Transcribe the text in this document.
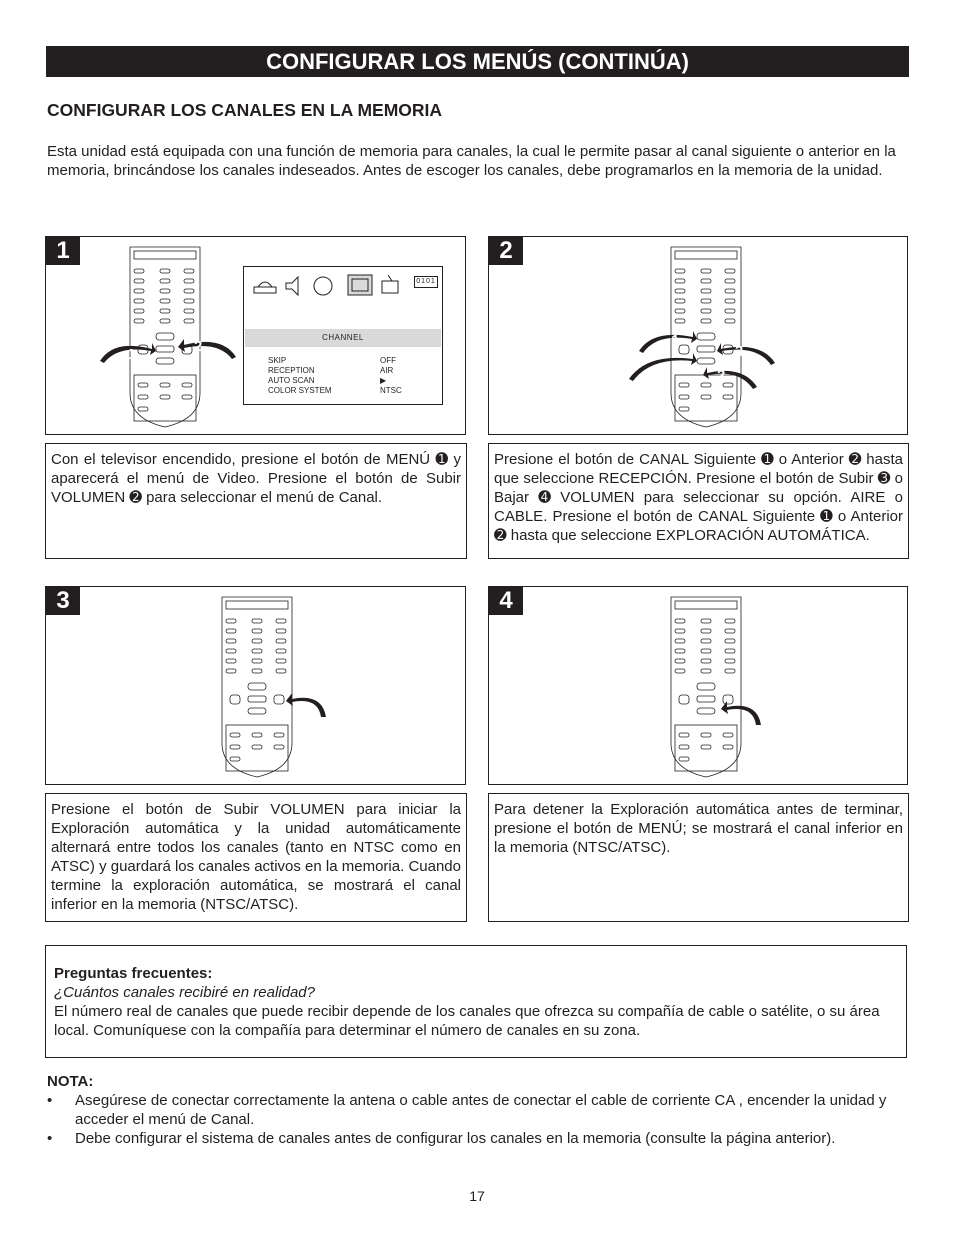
CONFIGURAR LOS MENÚS (CONTINÚA)
CONFIGURAR LOS CANALES EN LA MEMORIA

Esta unidad está equipada con una función de memoria para canales, la cual le permite pasar al canal siguiente o anterior en la memoria, brincándose los canales indeseados. Antes de escoger los canales, debe programarlos en la memoria de la unidad.

1
1	2
0101
CHANNEL
SKIP	OFF
RECEPTION	AIR
AUTO SCAN	▶
COLOR SYSTEM	NTSC
2
1
4
3
2

Con el televisor encendido, presione el botón de MENÚ ➊ y aparecerá el menú de Video. Presione el botón de Subir VOLUMEN ➋ para seleccionar el menú de Canal.

Presione el botón de CANAL Siguiente ➊ o Anterior ➋ hasta que seleccione RECEPCIÓN. Presione el botón de Subir ➌ o Bajar ➍ VOLUMEN para seleccionar su opción. AIRE o CABLE. Presione el botón de CANAL Siguiente ➊ o Anterior ➋ hasta que seleccione EXPLORACIÓN AUTOMÁTICA.

3	4

Presione el botón de Subir VOLUMEN para iniciar la Exploración automática y la unidad automáticamente alternará entre todos los canales (tanto en NTSC como en ATSC) y guardará los canales activos en la memoria. Cuando termine la exploración automática, se mostrará el canal inferior en la memoria (NTSC/ATSC).

Para detener la Exploración automática antes de terminar, presione el botón de MENÚ; se mostrará el canal inferior en la memoria (NTSC/ATSC).

Preguntas frecuentes:
¿Cuántos canales recibiré en realidad?
El número real de canales que puede recibir depende de los canales que ofrezca su compañía de cable o satélite, o su área local. Comuníquese con la compañía para determinar el número de canales en su zona.
NOTA:
• Asegúrese de conectar correctamente la antena o cable antes de conectar el cable de corriente CA , encender la unidad y acceder el menú de Canal.
• Debe configurar el sistema de canales antes de configurar los canales en la memoria (consulte la página anterior).
17
